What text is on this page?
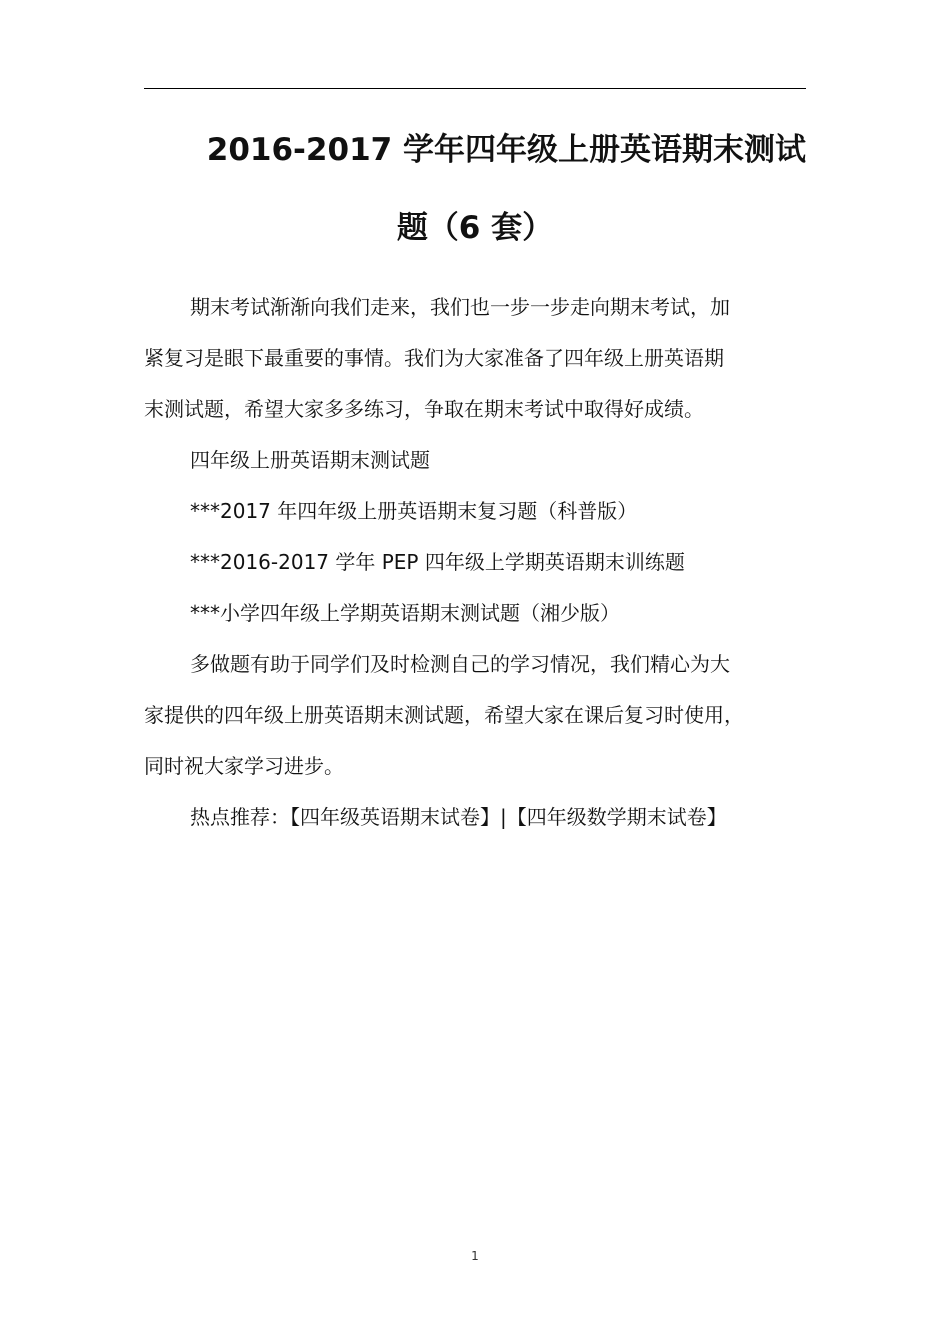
2016-2017 学年四年级上册英语期末测试
题（6 套）

期末考试渐渐向我们走来，我们也一步一步走向期末考试，加
紧复习是眼下最重要的事情。我们为大家准备了四年级上册英语期
末测试题，希望大家多多练习，争取在期末考试中取得好成绩。

四年级上册英语期末测试题

***2017 年四年级上册英语期末复习题（科普版）

***2016-2017 学年 PEP 四年级上学期英语期末训练题

***小学四年级上学期英语期末测试题（湘少版）

多做题有助于同学们及时检测自己的学习情况，我们精心为大
家提供的四年级上册英语期末测试题，希望大家在课后复习时使用，
同时祝大家学习进步。

热点推荐：【四年级英语期末试卷】|【四年级数学期末试卷】

1
